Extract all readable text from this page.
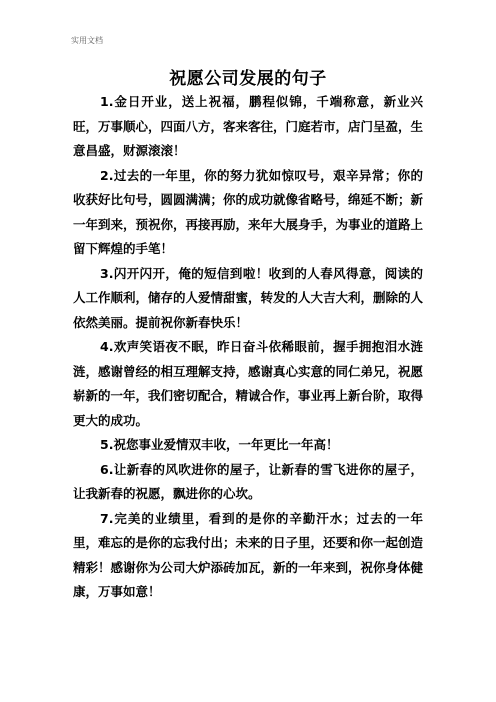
实用文档
祝愿公司发展的句子

1.金日开业，送上祝福，鹏程似锦，千端称意，新业兴旺，万事顺心，四面八方，客来客往，门庭若市，店门呈盈，生意昌盛，财源滚滚！

2.过去的一年里，你的努力犹如惊叹号，艰辛异常；你的收获好比句号，圆圆满满；你的成功就像省略号，绵延不断；新一年到来，预祝你，再接再励，来年大展身手，为事业的道路上留下辉煌的手笔！

3.闪开闪开，俺的短信到啦！收到的人春风得意，阅读的人工作顺利，储存的人爱情甜蜜，转发的人大吉大利，删除的人依然美丽。提前祝你新春快乐！

4.欢声笑语夜不眠，昨日奋斗依稀眼前，握手拥抱泪水涟涟，感谢曾经的相互理解支持，感谢真心实意的同仁弟兄，祝愿崭新的一年，我们密切配合，精诚合作，事业再上新台阶，取得更大的成功。

5.祝您事业爱情双丰收，一年更比一年高！

6.让新春的风吹进你的屋子，让新春的雪飞进你的屋子，让我新春的祝愿，飘进你的心坎。

7.完美的业绩里，看到的是你的辛勤汗水；过去的一年里，难忘的是你的忘我付出；未来的日子里，还要和你一起创造精彩！感谢你为公司大炉添砖加瓦，新的一年来到，祝你身体健康，万事如意！
